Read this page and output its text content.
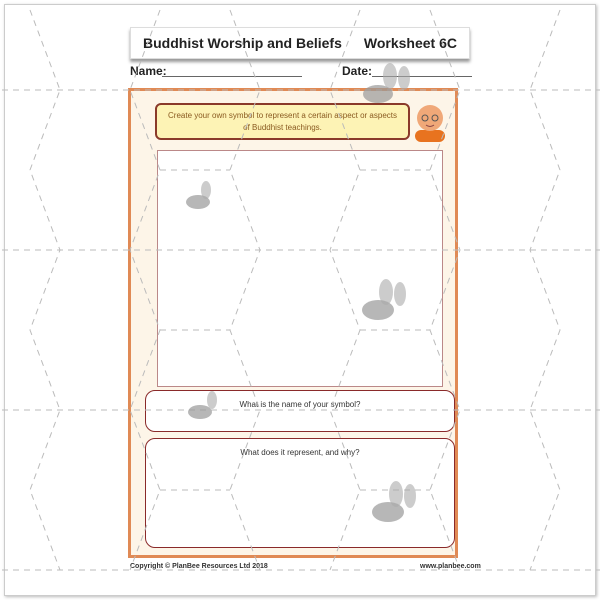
Buddhist Worship and Beliefs Worksheet 6C
Name:	Date:
Create your own symbol to represent a certain aspect or aspects of Buddhist teachings.
What is the name of your symbol?
What does it represent, and why?
Copyright © PlanBee Resources Ltd 2018	www.planbee.com
